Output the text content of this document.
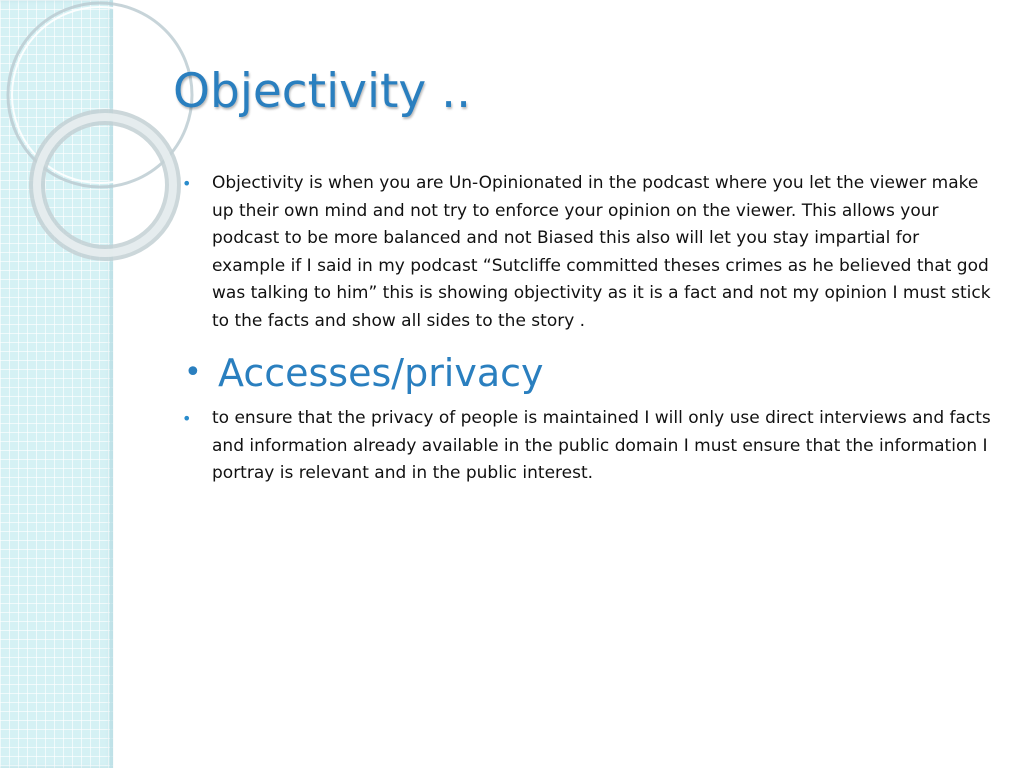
Objectivity ..
• Objectivity is when you are Un-Opinionated in the podcast where you let the viewer make up their own mind and not try to enforce your opinion on the viewer. This allows your podcast to be more balanced and not Biased this also will let you stay impartial for example if I said in my podcast “Sutcliffe committed theses crimes as he believed that god was talking to him” this is showing objectivity as it is a fact and not my opinion I must stick to the facts and show all sides to the story .
• Accesses/privacy
• to ensure that the privacy of people is maintained I will only use direct interviews and facts and information already available in the public domain I must ensure that the information I portray is relevant and in the public interest.
